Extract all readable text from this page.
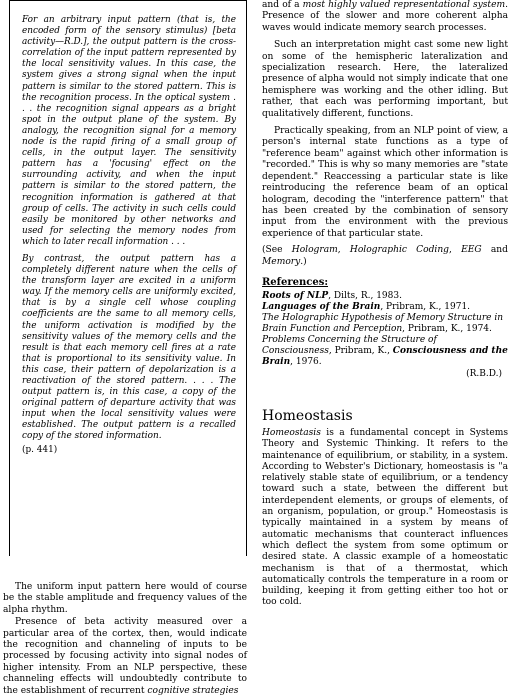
For an arbitrary input pattern (that is, the encoded form of the sensory stimulus) [beta activity—R.D.], the output pattern is the cross-correlation of the input pattern represented by the local sensitivity values. In this case, the system gives a strong signal when the input pattern is similar to the stored pattern. This is the recognition process. In the optical system . . . the recognition signal appears as a bright spot in the output plane of the system. By analogy, the recognition signal for a memory node is the rapid firing of a small group of cells, in the output layer. The sensitivity pattern has a 'focusing' effect on the surrounding activity, and when the input pattern is similar to the stored pattern, the recognition information is gathered at that group of cells. The activity in such cells could easily be monitored by other networks and used for selecting the memory nodes from which to later recall information . . .

By contrast, the output pattern has a completely different nature when the cells of the transform layer are excited in a uniform way. If the memory cells are uniformly excited, that is by a single cell whose coupling coefficients are the same to all memory cells, the uniform activation is modified by the sensitivity values of the memory cells and the result is that each memory cell fires at a rate that is proportional to its sensitivity value. In this case, their pattern of depolarization is a reactivation of the stored pattern. . . . The output pattern is, in this case, a copy of the original pattern of departure activity that was input when the local sensitivity values were established. The output pattern is a recalled copy of the stored information.

(p. 441)

The uniform input pattern here would of course be the stable amplitude and frequency values of the alpha rhythm.

Presence of beta activity measured over a particular area of the cortex, then, would indicate the recognition and channeling of inputs to be processed by focusing activity into signal nodes of higher intensity. From an NLP perspective, these channeling effects will undoubtedly contribute to the establishment of recurrent cognitive strategies

and of a most highly valued representational system. Presence of the slower and more coherent alpha waves would indicate memory search processes.

Such an interpretation might cast some new light on some of the hemispheric lateralization and specialization research. Here, the lateralized presence of alpha would not simply indicate that one hemisphere was working and the other idling. But rather, that each was performing important, but qualitatively different, functions.

Practically speaking, from an NLP point of view, a person's internal state functions as a type of "reference beam" against which other information is "recorded." This is why so many memories are "state dependent." Reaccessing a particular state is like reintroducing the reference beam of an optical hologram, decoding the "interference pattern" that has been created by the combination of sensory input from the environment with the previous experience of that particular state.

(See Hologram, Holographic Coding, EEG and Memory.)

References:

Roots of NLP, Dilts, R., 1983.

Languages of the Brain, Pribram, K., 1971.

The Holographic Hypothesis of Memory Structure in Brain Function and Perception, Pribram, K., 1974.

Problems Concerning the Structure of Consciousness, Pribram, K., Consciousness and the Brain, 1976.

(R.B.D.)

Homeostasis

Homeostasis is a fundamental concept in Systems Theory and Systemic Thinking. It refers to the maintenance of equilibrium, or stability, in a system. According to Webster's Dictionary, homeostasis is "a relatively stable state of equilibrium, or a tendency toward such a state, between the different but interdependent elements, or groups of elements, of an organism, population, or group." Homeostasis is typically maintained in a system by means of automatic mechanisms that counteract influences which deflect the system from some optimum or desired state. A classic example of a homeostatic mechanism is that of a thermostat, which automatically controls the temperature in a room or building, keeping it from getting either too hot or too cold.
